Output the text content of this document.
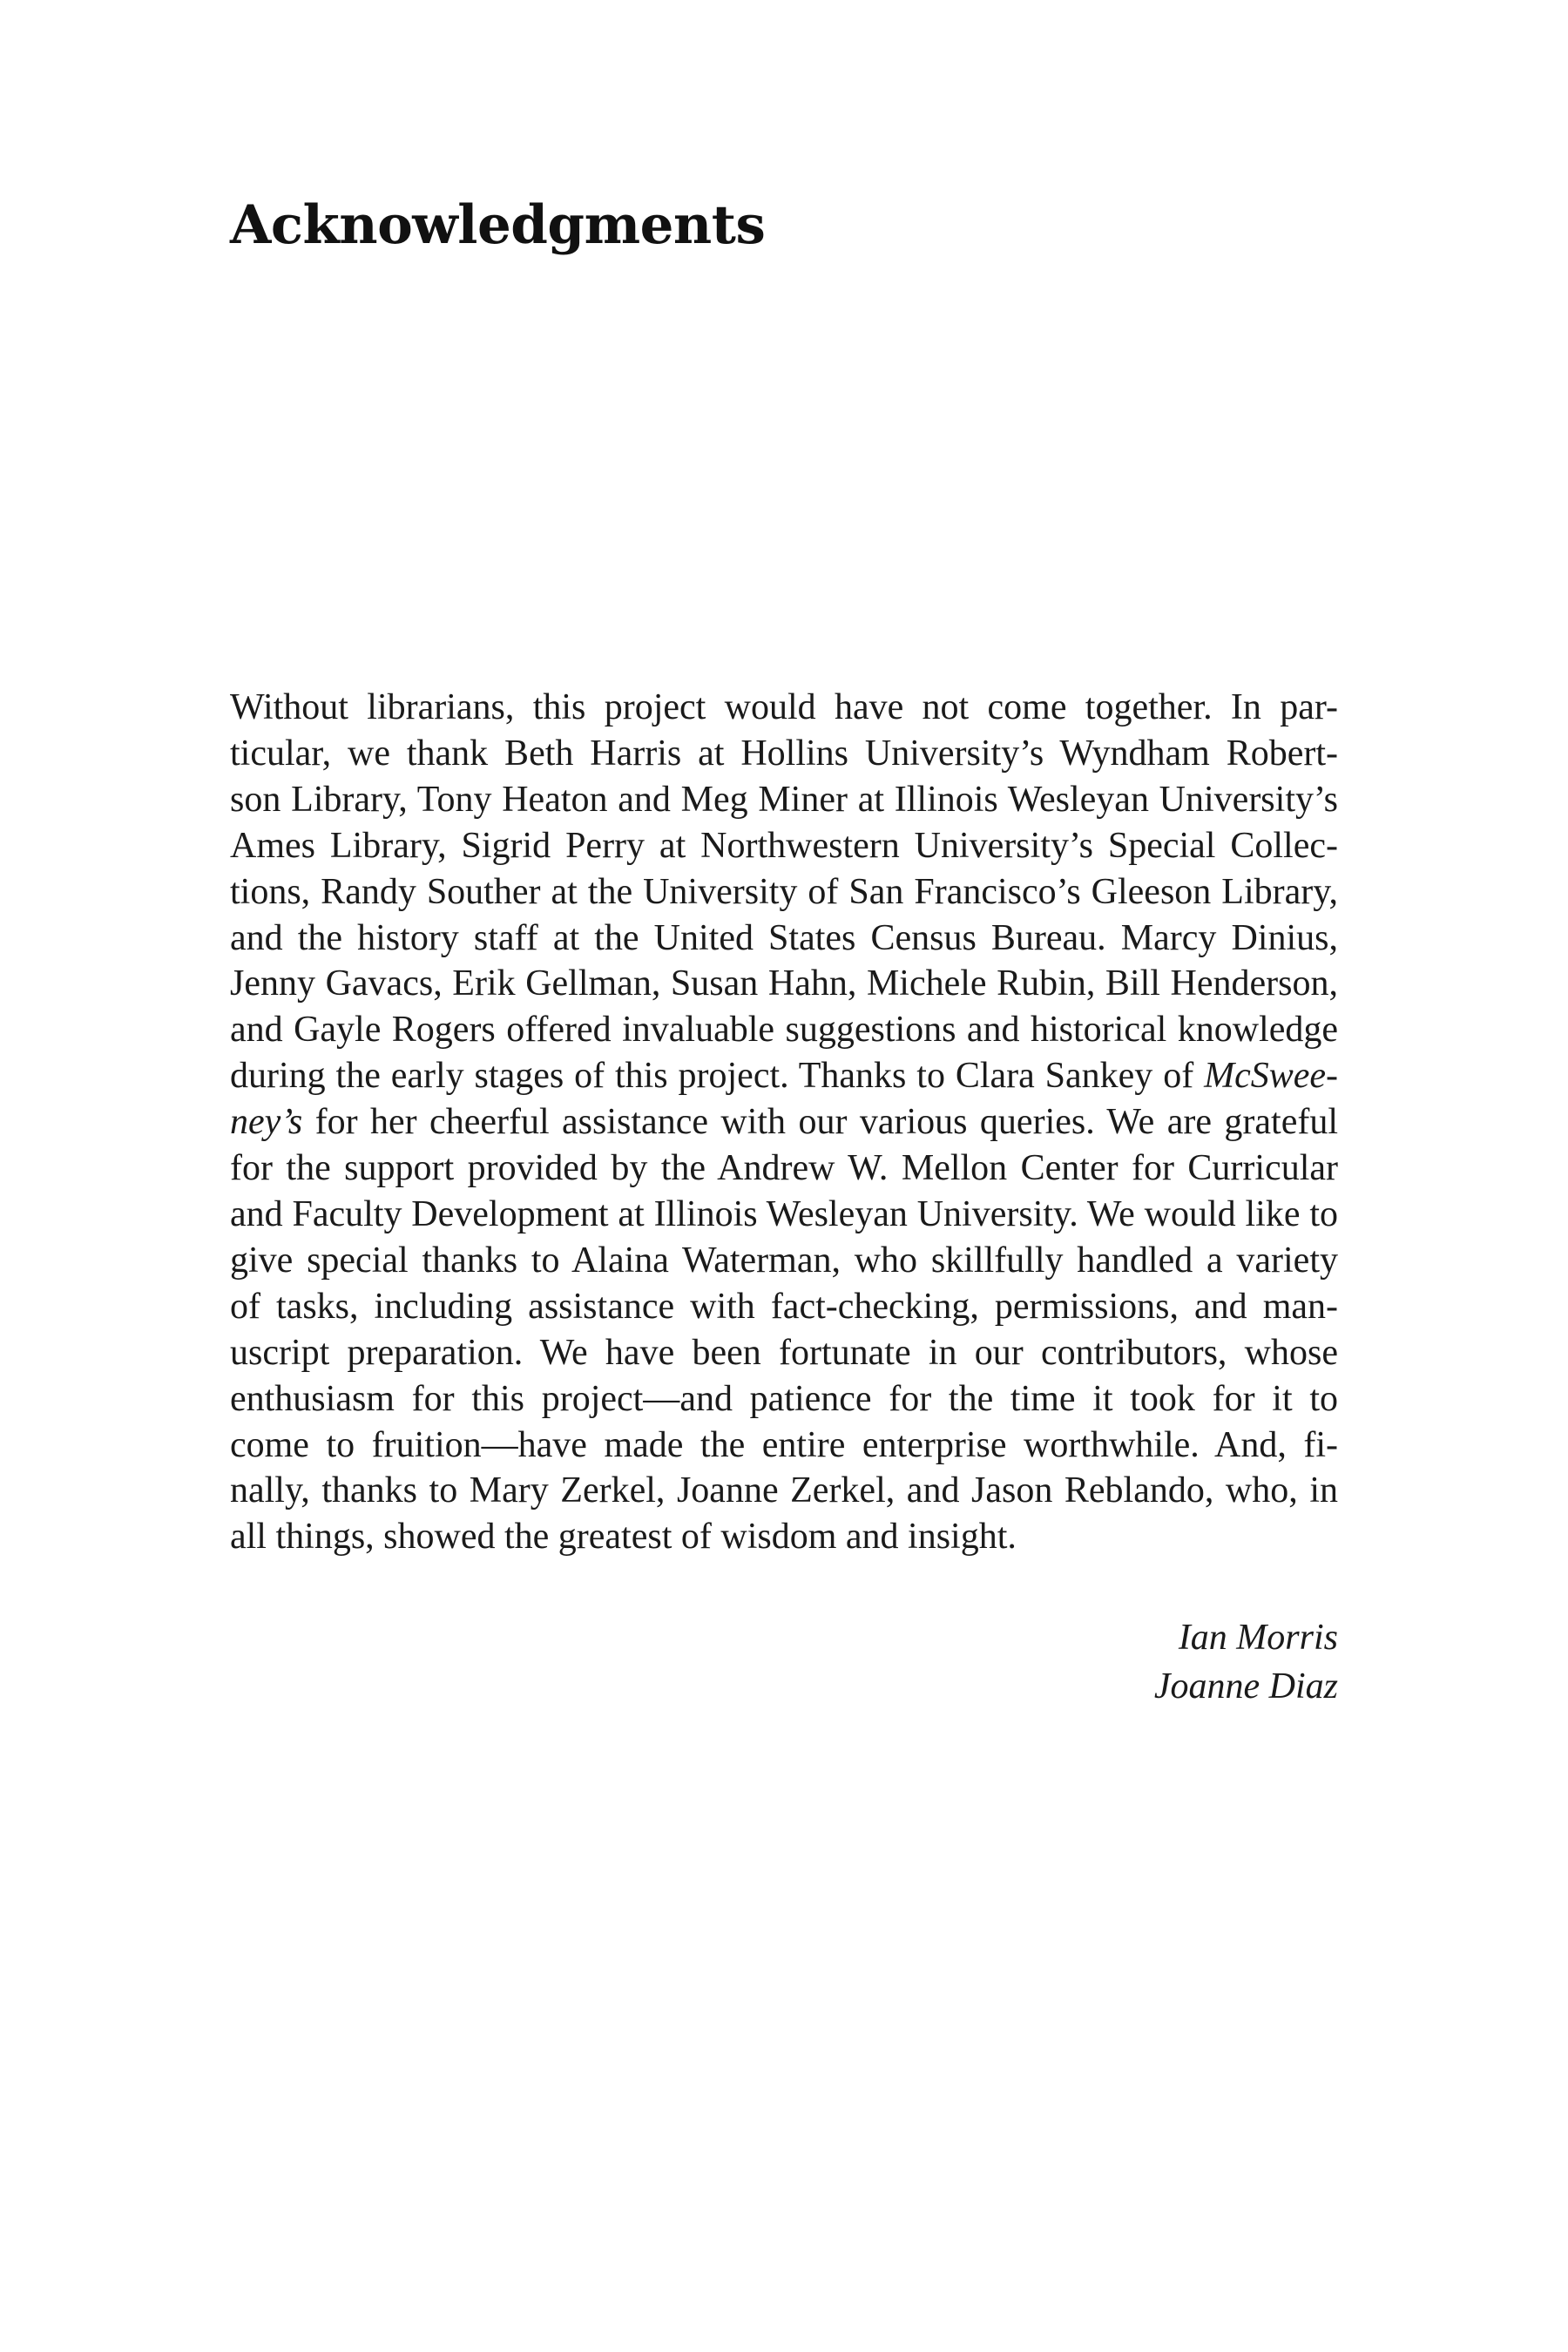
Acknowledgments
Without librarians, this project would have not come together. In par-
ticular, we thank Beth Harris at Hollins University’s Wyndham Robert-
son Library, Tony Heaton and Meg Miner at Illinois Wesleyan University’s
Ames Library, Sigrid Perry at Northwestern University’s Special Collec-
tions, Randy Souther at the University of San Francisco’s Gleeson Library,
and the history staff at the United States Census Bureau. Marcy Dinius,
Jenny Gavacs, Erik Gellman, Susan Hahn, Michele Rubin, Bill Henderson,
and Gayle Rogers offered invaluable suggestions and historical knowledge
during the early stages of this project. Thanks to Clara Sankey of McSwee-
ney’s for her cheerful assistance with our various queries. We are grateful
for the support provided by the Andrew W. Mellon Center for Curricular
and Faculty Development at Illinois Wesleyan University. We would like to
give special thanks to Alaina Waterman, who skillfully handled a variety
of tasks, including assistance with fact-checking, permissions, and man-
uscript preparation. We have been fortunate in our contributors, whose
enthusiasm for this project—and patience for the time it took for it to
come to fruition—have made the entire enterprise worthwhile. And, fi-
nally, thanks to Mary Zerkel, Joanne Zerkel, and Jason Reblando, who, in
all things, showed the greatest of wisdom and insight.
Ian Morris
Joanne Diaz
